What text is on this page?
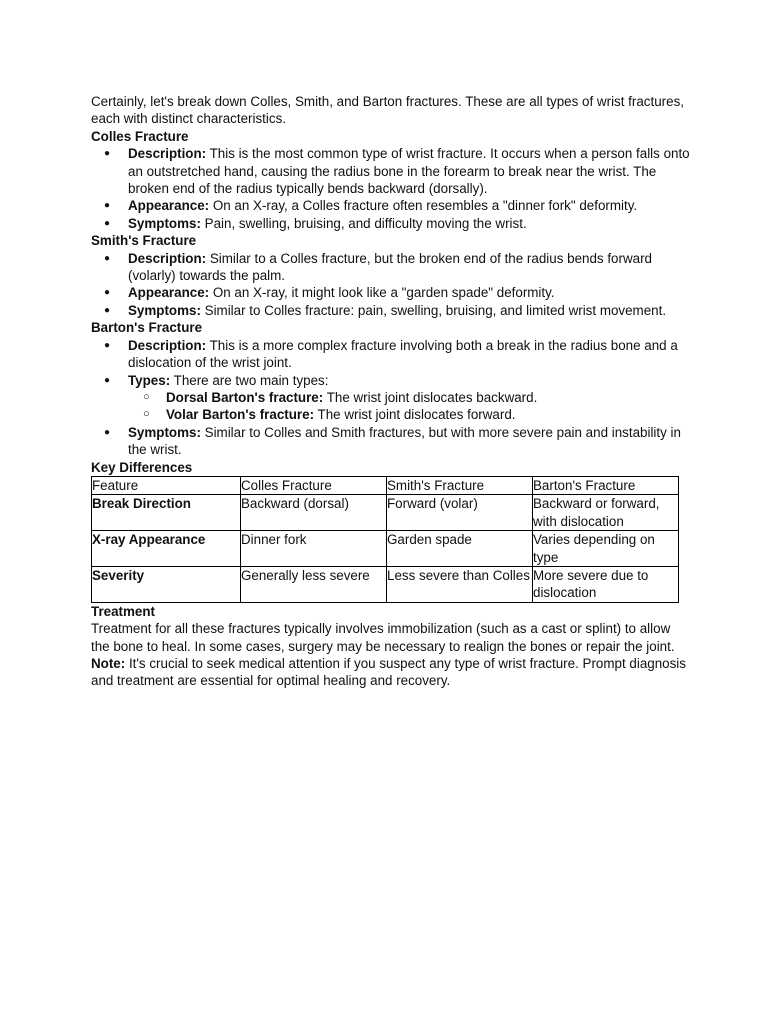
Certainly, let's break down Colles, Smith, and Barton fractures. These are all types of wrist fractures, each with distinct characteristics.

Colles Fracture

● Description: This is the most common type of wrist fracture. It occurs when a person falls onto an outstretched hand, causing the radius bone in the forearm to break near the wrist. The broken end of the radius typically bends backward (dorsally).
● Appearance: On an X-ray, a Colles fracture often resembles a "dinner fork" deformity.
● Symptoms: Pain, swelling, bruising, and difficulty moving the wrist.

Smith's Fracture

● Description: Similar to a Colles fracture, but the broken end of the radius bends forward (volarly) towards the palm.
● Appearance: On an X-ray, it might look like a "garden spade" deformity.
● Symptoms: Similar to Colles fracture: pain, swelling, bruising, and limited wrist movement.

Barton's Fracture

● Description: This is a more complex fracture involving both a break in the radius bone and a dislocation of the wrist joint.
● Types: There are two main types:
○ Dorsal Barton's fracture: The wrist joint dislocates backward.
○ Volar Barton's fracture: The wrist joint dislocates forward.
● Symptoms: Similar to Colles and Smith fractures, but with more severe pain and instability in the wrist.

Key Differences

Feature	Colles Fracture	Smith's Fracture	Barton's Fracture
Break Direction	Backward (dorsal)	Forward (volar)	Backward or forward, with dislocation
X-ray Appearance	Dinner fork	Garden spade	Varies depending on type
Severity	Generally less severe	Less severe than Colles	More severe due to dislocation

Treatment

Treatment for all these fractures typically involves immobilization (such as a cast or splint) to allow the bone to heal. In some cases, surgery may be necessary to realign the bones or repair the joint.

Note: It's crucial to seek medical attention if you suspect any type of wrist fracture. Prompt diagnosis and treatment are essential for optimal healing and recovery.
